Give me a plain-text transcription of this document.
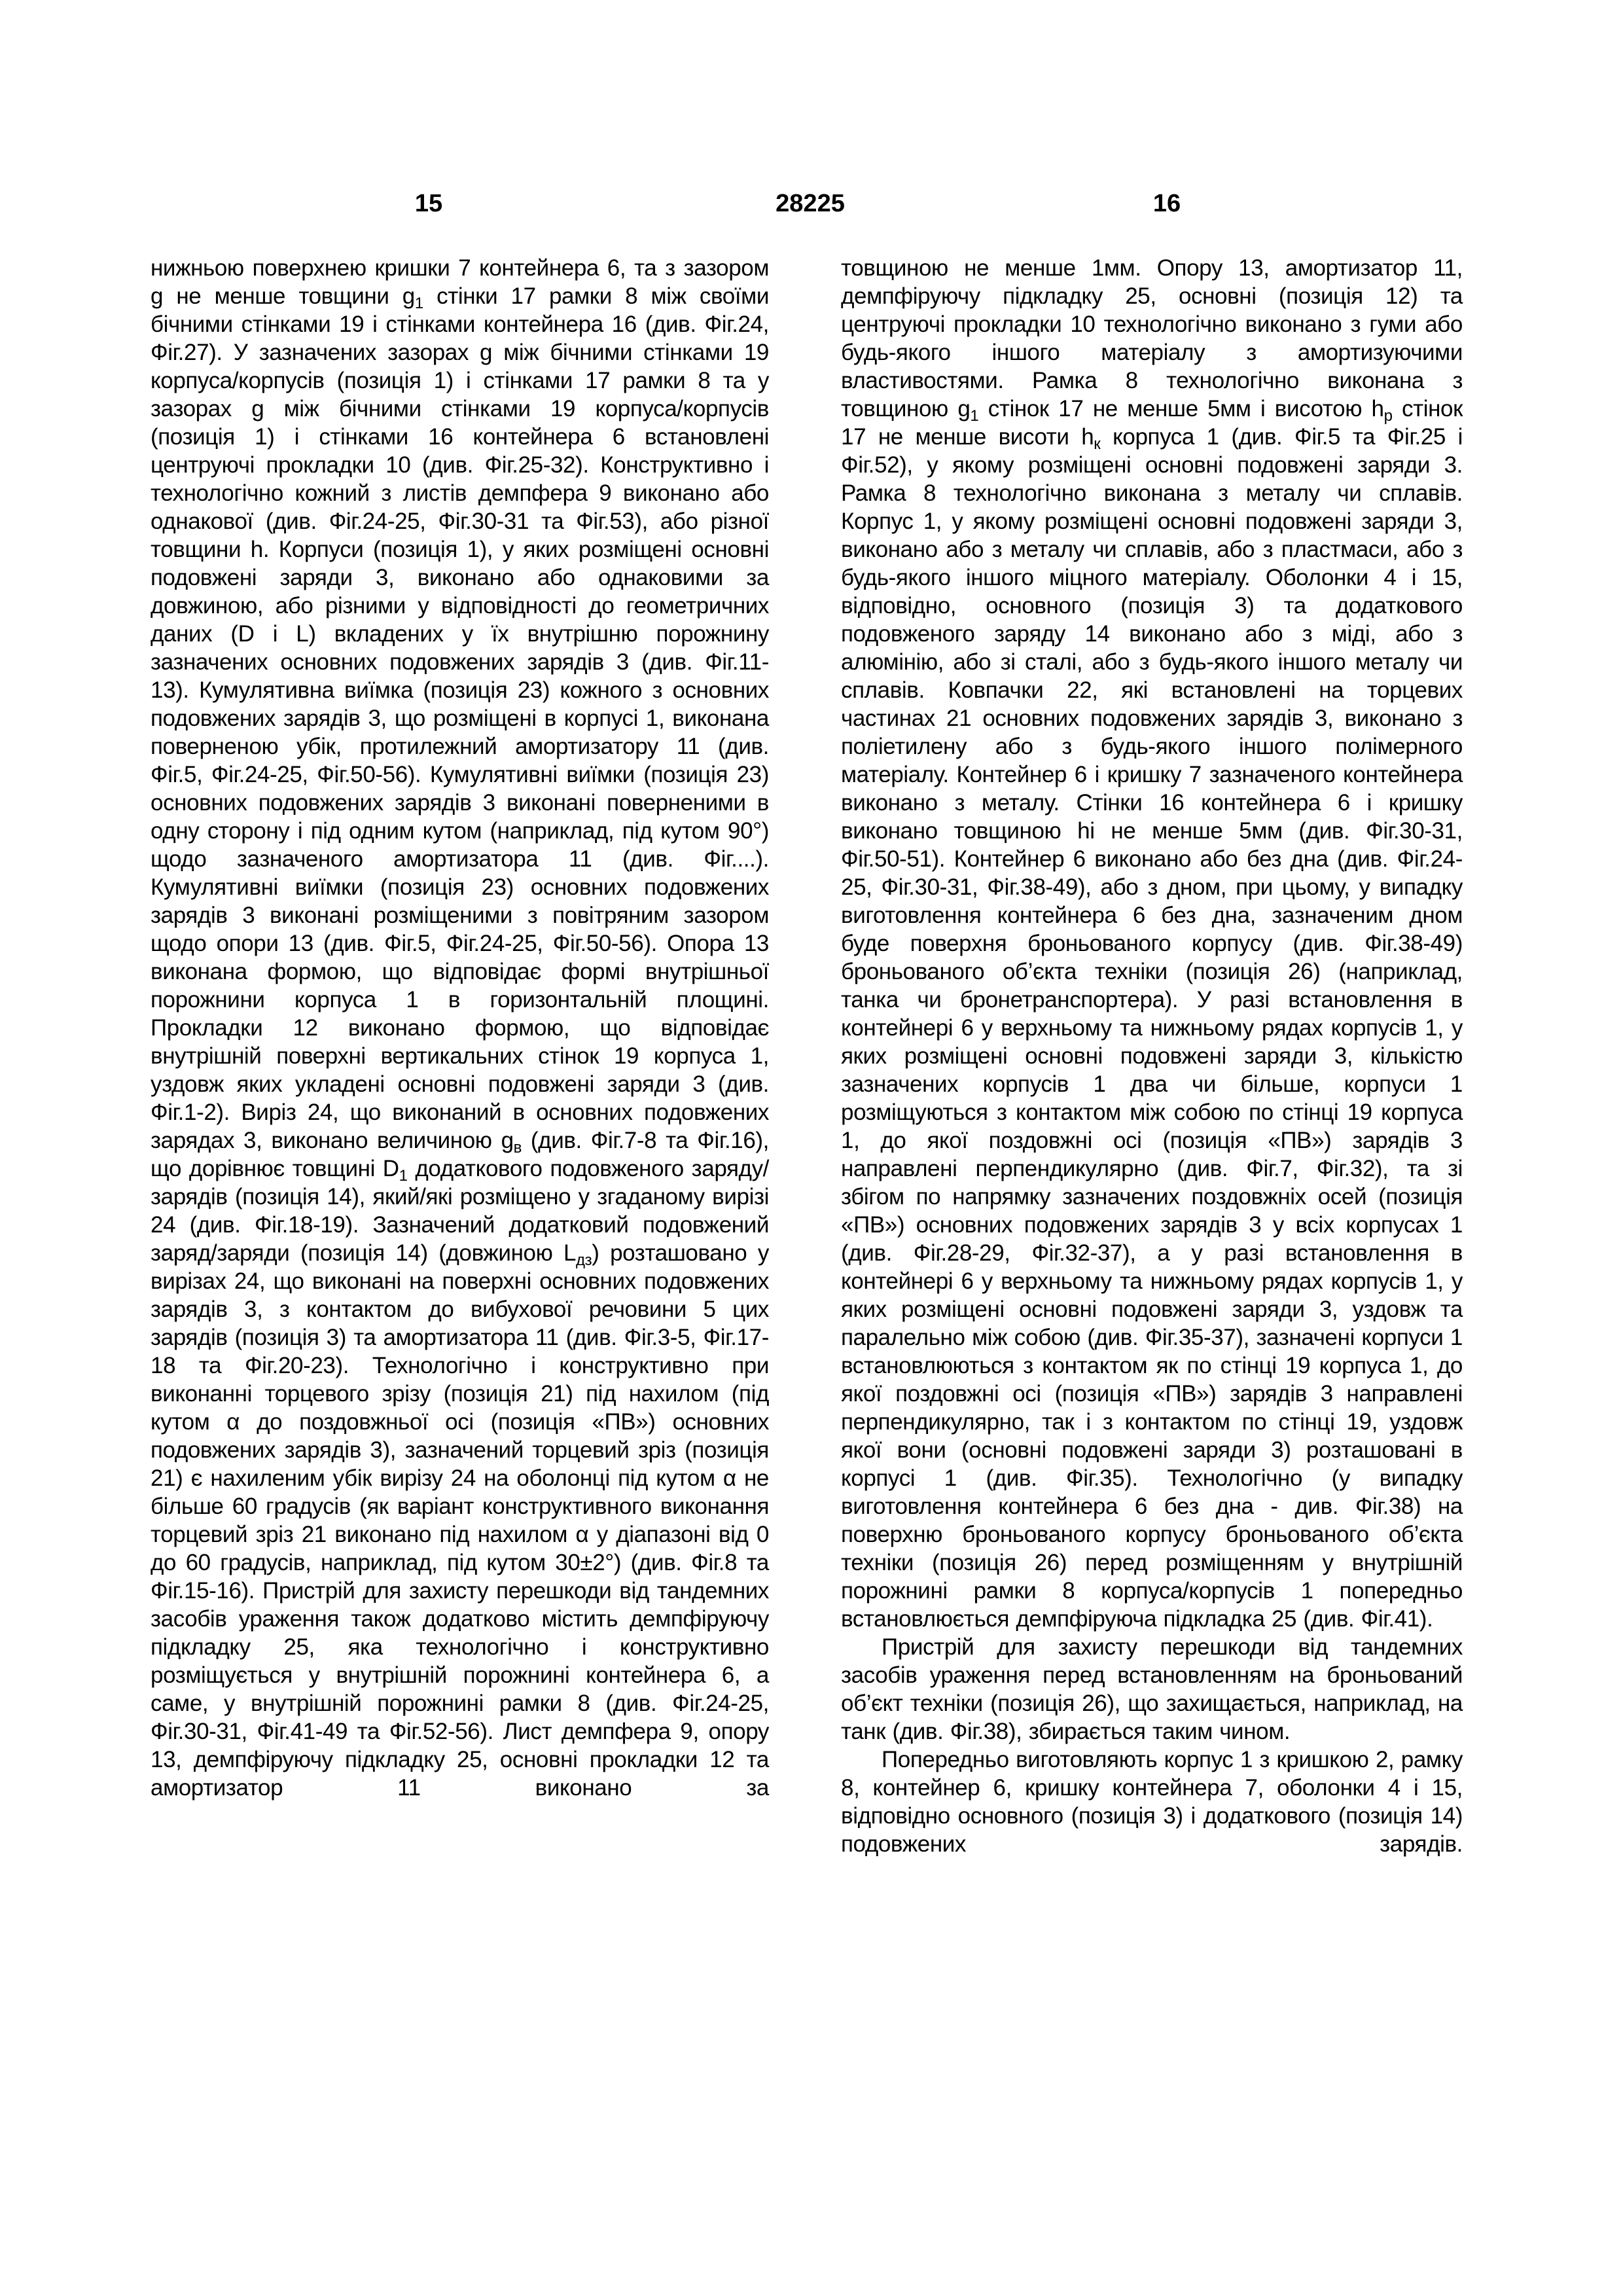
15	28225	16

нижньою поверхнею кришки 7 контейнера 6, та з зазором g не менше товщини $g_1$ стінки 17 рамки 8 між своїми бічними стінками 19 і стінками контейнера 16 (див. Фіг.24, Фіг.27). У зазначених зазорах g між бічними стінками 19 корпуса/корпусів (позиція 1) і стінками 17 рамки 8 та у зазорах g між бічними стінками 19 корпуса/корпусів (позиція 1) і стінками 16 контейнера 6 встановлені центруючі прокладки 10 (див. Фіг.25-32). Конструктивно і технологічно кожний з листів демпфера 9 виконано або однакової (див. Фіг.24-25, Фіг.30-31 та Фіг.53), або різної товщини h. Корпуси (позиція 1), у яких розміщені основні подовжені заряди 3, виконано або однаковими за довжиною, або різними у відповідності до геометричних даних (D і L) вкладених у їх внутрішню порожнину зазначених основних подовжених зарядів 3 (див. Фіг.11-13). Кумулятивна виїмка (позиція 23) кожного з основних подовжених зарядів 3, що розміщені в корпусі 1, виконана поверненою убік, протилежний амортизатору 11 (див. Фіг.5, Фіг.24-25, Фіг.50-56). Кумулятивні виїмки (позиція 23) основних подовжених зарядів 3 виконані поверненими в одну сторону і під одним кутом (наприклад, під кутом 90°) щодо зазначеного амортизатора 11 (див. Фіг....). Кумулятивні виїмки (позиція 23) основних подовжених зарядів 3 виконані розміщеними з повітряним зазором щодо опори 13 (див. Фіг.5, Фіг.24-25, Фіг.50-56). Опора 13 виконана формою, що відповідає формі внутрішньої порожнини корпуса 1 в горизонтальній площині. Прокладки 12 виконано формою, що відповідає внутрішній поверхні вертикальних стінок 19 корпуса 1, уздовж яких укладені основні подовжені заряди 3 (див. Фіг.1-2). Виріз 24, що виконаний в основних подовжених зарядах 3, виконано величиною $g_в$ (див. Фіг.7-8 та Фіг.16), що дорівнює товщині $D_1$ додаткового подовженого заряду/зарядів (позиція 14), який/які розміщено у згаданому вирізі 24 (див. Фіг.18-19). Зазначений додатковий подовжений заряд/заряди (позиція 14) (довжиною $L_{дз}$) розташовано у вирізах 24, що виконані на поверхні основних подовжених зарядів 3, з контактом до вибухової речовини 5 цих зарядів (позиція 3) та амортизатора 11 (див. Фіг.3-5, Фіг.17-18 та Фіг.20-23). Технологічно і конструктивно при виконанні торцевого зрізу (позиція 21) під нахилом (під кутом α до поздовжньої осі (позиція «ПВ») основних подовжених зарядів 3), зазначений торцевий зріз (позиція 21) є нахиленим убік вирізу 24 на оболонці під кутом α не більше 60 градусів (як варіант конструктивного виконання торцевий зріз 21 виконано під нахилом α у діапазоні від 0 до 60 градусів, наприклад, під кутом 30±2°) (див. Фіг.8 та Фіг.15-16). Пристрій для захисту перешкоди від тандемних засобів ураження також додатково містить демпфіруючу підкладку 25, яка технологічно і конструктивно розміщується у внутрішній порожнині контейнера 6, а саме, у внутрішній порожнині рамки 8 (див. Фіг.24-25, Фіг.30-31, Фіг.41-49 та Фіг.52-56). Лист демпфера 9, опору 13, демпфіруючу підкладку 25, основні прокладки 12 та амортизатор 11 виконано за

товщиною не менше 1мм. Опору 13, амортизатор 11, демпфіруючу підкладку 25, основні (позиція 12) та центруючі прокладки 10 технологічно виконано з гуми або будь-якого іншого матеріалу з амортизуючими властивостями. Рамка 8 технологічно виконана з товщиною $g_1$ стінок 17 не менше 5мм і висотою $h_р$ стінок 17 не менше висоти $h_к$ корпуса 1 (див. Фіг.5 та Фіг.25 і Фіг.52), у якому розміщені основні подовжені заряди 3. Рамка 8 технологічно виконана з металу чи сплавів. Корпус 1, у якому розміщені основні подовжені заряди 3, виконано або з металу чи сплавів, або з пластмаси, або з будь-якого іншого міцного матеріалу. Оболонки 4 і 15, відповідно, основного (позиція 3) та додаткового подовженого заряду 14 виконано або з міді, або з алюмінію, або зі сталі, або з будь-якого іншого металу чи сплавів. Ковпачки 22, які встановлені на торцевих частинах 21 основних подовжених зарядів 3, виконано з поліетилену або з будь-якого іншого полімерного матеріалу. Контейнер 6 і кришку 7 зазначеного контейнера виконано з металу. Стінки 16 контейнера 6 і кришку виконано товщиною hі не менше 5мм (див. Фіг.30-31, Фіг.50-51). Контейнер 6 виконано або без дна (див. Фіг.24-25, Фіг.30-31, Фіг.38-49), або з дном, при цьому, у випадку виготовлення контейнера 6 без дна, зазначеним дном буде поверхня броньованого корпусу (див. Фіг.38-49) броньованого об’єкта техніки (позиція 26) (наприклад, танка чи бронетранспортера). У разі встановлення в контейнері 6 у верхньому та нижньому рядах корпусів 1, у яких розміщені основні подовжені заряди 3, кількістю зазначених корпусів 1 два чи більше, корпуси 1 розміщуються з контактом між собою по стінці 19 корпуса 1, до якої поздовжні осі (позиція «ПВ») зарядів 3 направлені перпендикулярно (див. Фіг.7, Фіг.32), та зі збігом по напрямку зазначених поздовжніх осей (позиція «ПВ») основних подовжених зарядів 3 у всіх корпусах 1 (див. Фіг.28-29, Фіг.32-37), а у разі встановлення в контейнері 6 у верхньому та нижньому рядах корпусів 1, у яких розміщені основні подовжені заряди 3, уздовж та паралельно між собою (див. Фіг.35-37), зазначені корпуси 1 встановлюються з контактом як по стінці 19 корпуса 1, до якої поздовжні осі (позиція «ПВ») зарядів 3 направлені перпендикулярно, так і з контактом по стінці 19, уздовж якої вони (основні подовжені заряди 3) розташовані в корпусі 1 (див. Фіг.35). Технологічно (у випадку виготовлення контейнера 6 без дна - див. Фіг.38) на поверхню броньованого корпусу броньованого об’єкта техніки (позиція 26) перед розміщенням у внутрішній порожнині рамки 8 корпуса/корпусів 1 попередньо встановлюється демпфіруюча підкладка 25 (див. Фіг.41).

Пристрій для захисту перешкоди від тандемних засобів ураження перед встановленням на броньований об’єкт техніки (позиція 26), що захищається, наприклад, на танк (див. Фіг.38), збирається таким чином.

Попередньо виготовляють корпус 1 з кришкою 2, рамку 8, контейнер 6, кришку контейнера 7, оболонки 4 і 15, відповідно основного (позиція 3) і додаткового (позиція 14) подовжених зарядів.
